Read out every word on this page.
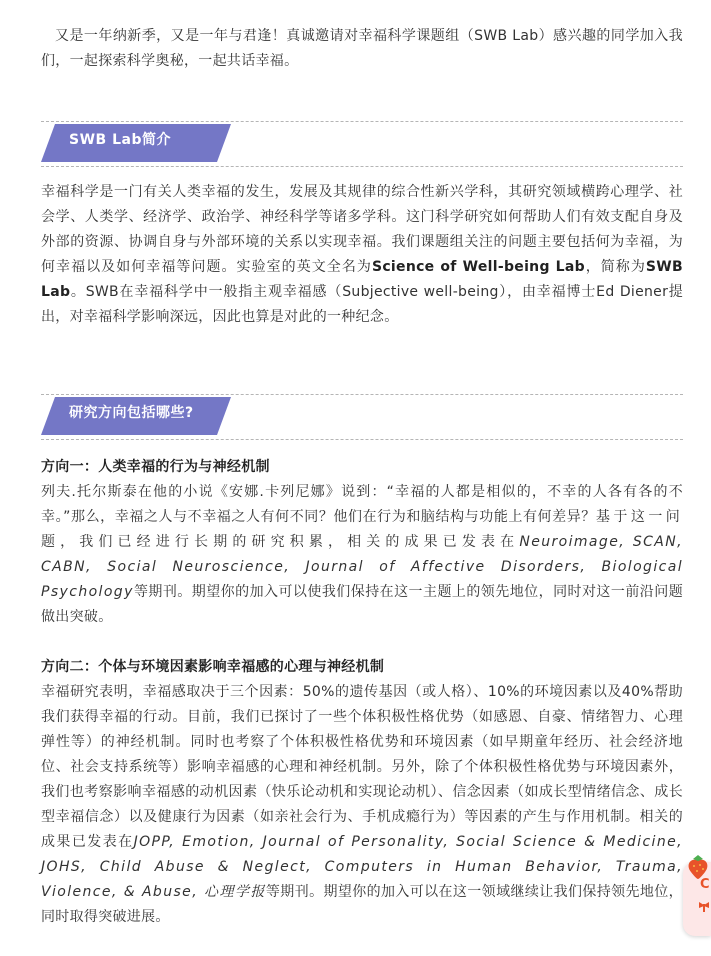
又是一年纳新季，又是一年与君逢！真诚邀请对幸福科学课题组（SWB Lab）感兴趣的同学加入我们，一起探索科学奥秘，一起共话幸福。

SWB Lab简介

幸福科学是一门有关人类幸福的发生，发展及其规律的综合性新兴学科，其研究领域横跨心理学、社会学、人类学、经济学、政治学、神经科学等诸多学科。这门科学研究如何帮助人们有效支配自身及外部的资源、协调自身与外部环境的关系以实现幸福。我们课题组关注的问题主要包括何为幸福，为何幸福以及如何幸福等问题。实验室的英文全名为Science of Well-being Lab，简称为SWB Lab。SWB在幸福科学中一般指主观幸福感（Subjective well-being），由幸福博士Ed Diener提出，对幸福科学影响深远，因此也算是对此的一种纪念。

研究方向包括哪些?
方向一：人类幸福的行为与神经机制
列夫.托尔斯泰在他的小说《安娜.卡列尼娜》说到：“幸福的人都是相似的，不幸的人各有各的不幸。”那么，幸福之人与不幸福之人有何不同？他们在行为和脑结构与功能上有何差异？基于这一问题，我们已经进行长期的研究积累，相关的成果已发表在Neuroimage, SCAN, CABN, Social Neuroscience, Journal of Affective Disorders, Biological Psychology等期刊。期望你的加入可以使我们保持在这一主题上的领先地位，同时对这一前沿问题做出突破。
方向二：个体与环境因素影响幸福感的心理与神经机制
幸福研究表明，幸福感取决于三个因素：50%的遗传基因（或人格）、10%的环境因素以及40%帮助我们获得幸福的行动。目前，我们已探讨了一些个体积极性格优势（如感恩、自豪、情绪智力、心理弹性等）的神经机制。同时也考察了个体积极性格优势和环境因素（如早期童年经历、社会经济地位、社会支持系统等）影响幸福感的心理和神经机制。另外，除了个体积极性格优势与环境因素外，我们也考察影响幸福感的动机因素（快乐论动机和实现论动机）、信念因素（如成长型情绪信念、成长型幸福信念）以及健康行为因素（如亲社会行为、手机成瘾行为）等因素的产生与作用机制。相关的成果已发表在JOPP, Emotion, Journal of Personality, Social Science & Medicine, JOHS, Child Abuse & Neglect, Computers in Human Behavior, Trauma, Violence, & Abuse, 心理学报等期刊。期望你的加入可以在这一领域继续让我们保持领先地位，同时取得突破进展。
C
